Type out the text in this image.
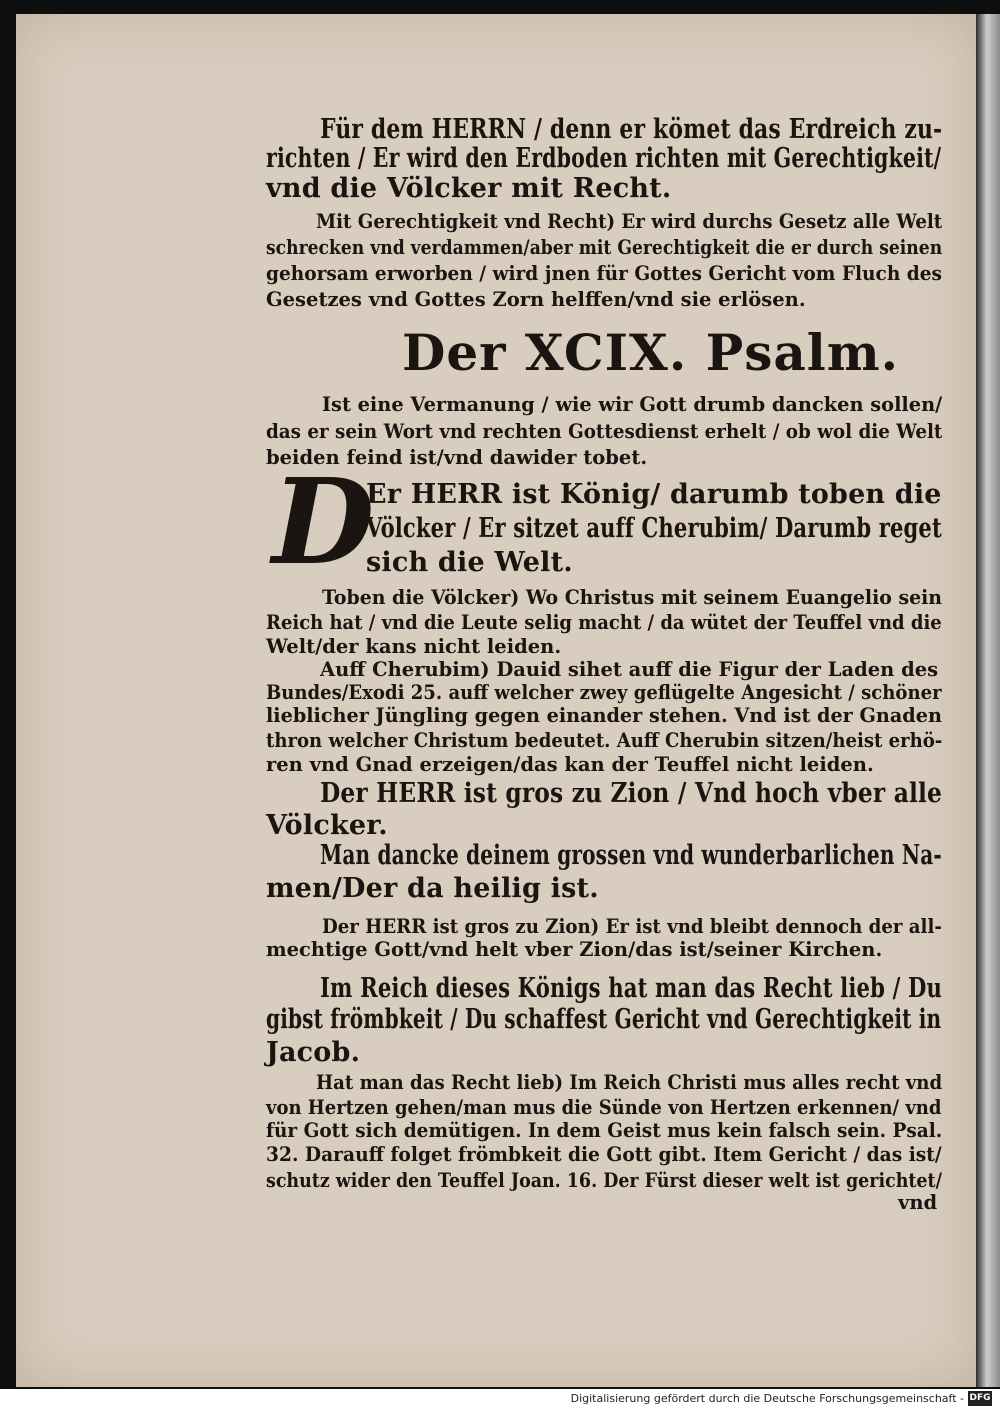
D
Für dem HERRN / denn er kömet das Erdreich zu-
richten / Er wird den Erdboden richten mit Gerechtigkeit/
vnd die Völcker mit Recht.
Mit Gerechtigkeit vnd Recht) Er wird durchs Gesetz alle Welt
schrecken vnd verdammen/aber mit Gerechtigkeit die er durch seinen
gehorsam erworben / wird jnen für Gottes Gericht vom Fluch des
Gesetzes vnd Gottes Zorn helffen/vnd sie erlösen.
Der XCIX. Psalm.
Ist eine Vermanung / wie wir Gott drumb dancken sollen/
das er sein Wort vnd rechten Gottesdienst erhelt / ob wol die Welt
beiden feind ist/vnd dawider tobet.
Er HERR ist König/ darumb toben die
Völcker / Er sitzet auff Cherubim/ Darumb reget
sich die Welt.
Toben die Völcker) Wo Christus mit seinem Euangelio sein
Reich hat / vnd die Leute selig macht / da wütet der Teuffel vnd die
Welt/der kans nicht leiden.
Auff Cherubim) Dauid sihet auff die Figur der Laden des
Bundes/Exodi 25. auff welcher zwey geflügelte Angesicht / schöner
lieblicher Jüngling gegen einander stehen. Vnd ist der Gnaden
thron welcher Christum bedeutet. Auff Cherubin sitzen/heist erhö-
ren vnd Gnad erzeigen/das kan der Teuffel nicht leiden.
Der HERR ist gros zu Zion / Vnd hoch vber alle
Völcker.
Man dancke deinem grossen vnd wunderbarlichen Na-
men/Der da heilig ist.
Der HERR ist gros zu Zion) Er ist vnd bleibt dennoch der all-
mechtige Gott/vnd helt vber Zion/das ist/seiner Kirchen.
Im Reich dieses Königs hat man das Recht lieb / Du
gibst frömbkeit / Du schaffest Gericht vnd Gerechtigkeit in
Jacob.
Hat man das Recht lieb) Im Reich Christi mus alles recht vnd
von Hertzen gehen/man mus die Sünde von Hertzen erkennen/ vnd
für Gott sich demütigen. In dem Geist mus kein falsch sein. Psal.
32. Darauff folget frömbkeit die Gott gibt. Item Gericht / das ist/
schutz wider den Teuffel Joan. 16. Der Fürst dieser welt ist gerichtet/
vnd
Digitalisierung gefördert durch die Deutsche Forschungsgemeinschaft - DFG
